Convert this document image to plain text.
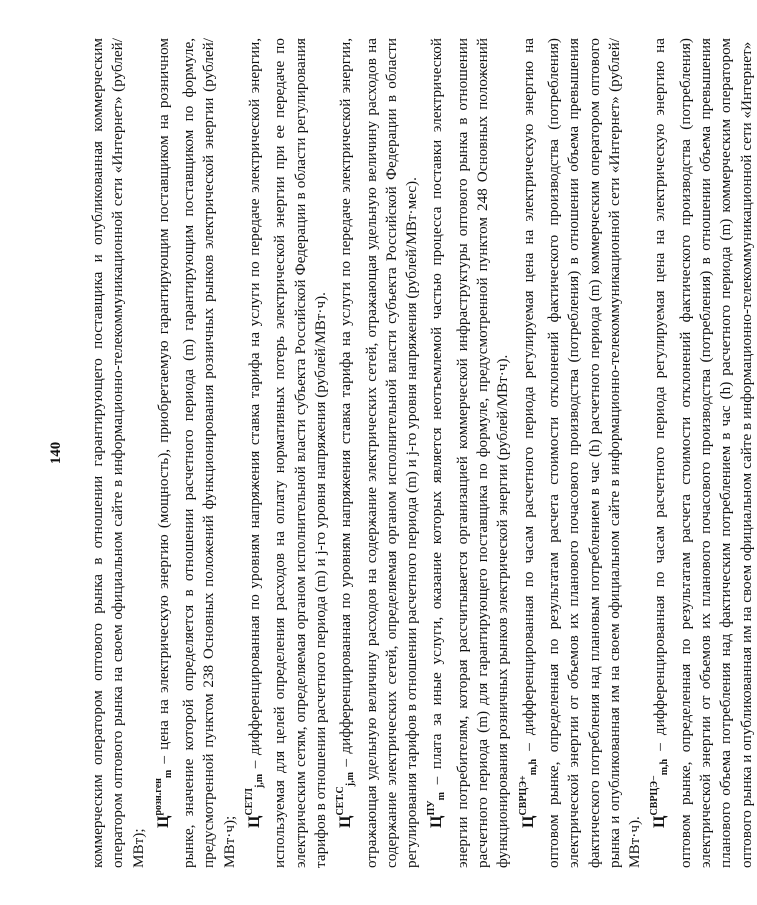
140 коммерческим оператором оптового рынка в отношении гарантирующего поставщика и опубликованная коммерческим оператором оптового рынка на своем официальном сайте в информационно-телекоммуникационной сети «Интернет» (рублей/МВт);

$Ц^{розн.ген}_m$ – цена на электрическую энергию (мощность), приобретаемую гарантирующим поставщиком на розничном рынке, значение которой определяется в отношении расчетного периода (m) гарантирующим поставщиком по формуле, предусмотренной пунктом 238 Основных положений функционирования розничных рынков электрической энергии (рублей/МВт·ч); $Ц^{СЕТЛ}_{j,m}$ – дифференцированная по уровням напряжения ставка тарифа на услуги по передаче электрической энергии, используемая для целей определения расходов на оплату нормативных потерь электрической энергии при ее передаче по электрическим сетям, определяемая органом исполнительной власти субъекта Российской Федерации в области регулирования тарифов в отношении расчетного периода (m) и j-го уровня напряжения (рублей/МВт·ч). $Ц^{СЕТ.С}_{j,m}$ – дифференцированная по уровням напряжения ставка тарифа на услуги по передаче электрической энергии, отражающая удельную величину расходов на содержание электрических сетей, отражающая удельную величину расходов на содержание электрических сетей, определяемая органом исполнительной власти субъекта Российской Федерации в области регулирования тарифов в отношении расчетного периода (m) и j-го уровня напряжения (рублей/МВт·мес). $Ц^{ПУ}_m$ – плата за иные услуги, оказание которых является неотъемлемой частью процесса поставки электрической энергии потребителям, которая рассчитывается организацией коммерческой инфраструктуры оптового рынка в отношении расчетного периода (m) для гарантирующего поставщика по формуле, предусмотренной пунктом 248 Основных положений функционирования розничных рынков электрической энергии (рублей/МВт·ч). $Ц^{СВРЦЭ+}_{m,h}$ – дифференцированная по часам расчетного периода регулируемая цена на электрическую энергию на оптовом рынке, определенная по результатам расчета стоимости отклонений фактического производства (потребления) электрической энергии от объемов их планового почасового производства (потребления) в отношении объема превышения фактического потребления над плановым потреблением в час (h) расчетного периода (m) коммерческим оператором оптового рынка и опубликованная им на своем официальном сайте в информационно-телекоммуникационной сети «Интернет» (рублей/МВт·ч). $Ц^{СВРЦЭ-}_{m,h}$ – дифференцированная по часам расчетного периода регулируемая цена на электрическую энергию на оптовом рынке, определенная по результатам расчета стоимости отклонений фактического производства (потребления) электрической энергии от объемов их планового почасового производства (потребления) в отношении объема превышения планового объема потребления над фактическим потреблением в час (h) расчетного периода (m) коммерческим оператором оптового рынка и опубликованная им на своем официальном сайте в информационно-телекоммуникационной сети «Интернет»
